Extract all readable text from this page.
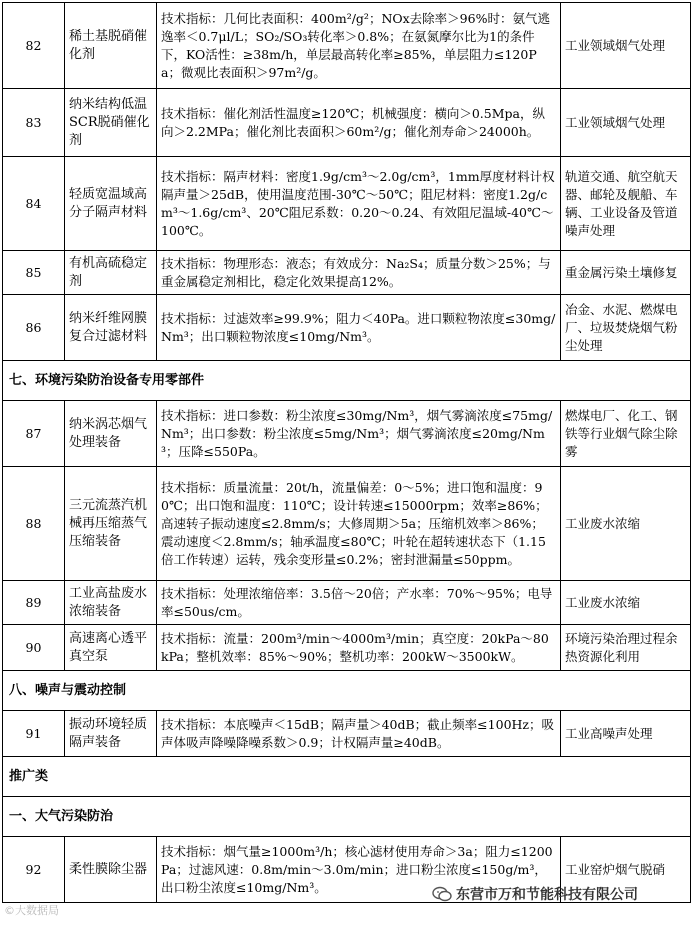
82	稀土基脱硝催化剂	技术指标：几何比表面积：400m²/g²；NOx去除率＞96%时：氨气逃逸率＜0.7μl/L；SO₂/SO₃转化率＞0.8%；在氨氮摩尔比为1的条件下，KO活性：≥38m/h，单层最高转化率≥85%，单层阻力≤120Pa；微观比表面积＞97m²/g。	工业领域烟气处理
83	纳米结构低温SCR脱硝催化剂	技术指标：催化剂活性温度≥120℃；机械强度：横向＞0.5Mpa，纵向＞2.2MPa；催化剂比表面积＞60m²/g；催化剂寿命＞24000h。	工业领域烟气处理
84	轻质宽温域高分子隔声材料	技术指标：隔声材料：密度1.9g/cm³～2.0g/cm³，1mm厚度材料计权隔声量＞25dB，使用温度范围-30℃～50℃；阻尼材料：密度1.2g/cm³～1.6g/cm³、20℃阻尼系数：0.20～0.24、有效阻尼温域-40℃～100℃。	轨道交通、航空航天器、邮轮及舰船、车辆、工业设备及管道噪声处理
85	有机高硫稳定剂	技术指标：物理形态：液态；有效成分：Na₂S₄；质量分数＞25%；与重金属稳定剂相比，稳定化效果提高12%。	重金属污染土壤修复
86	纳米纤维网膜复合过滤材料	技术指标：过滤效率≥99.9%；阻力＜40Pa。进口颗粒物浓度≤30mg/Nm³；出口颗粒物浓度≤10mg/Nm³。	冶金、水泥、燃煤电厂、垃圾焚烧烟气粉尘处理
七、环境污染防治设备专用零部件			
87	纳米涡芯烟气处理装备	技术指标：进口参数：粉尘浓度≤30mg/Nm³，烟气雾滴浓度≤75mg/Nm³；出口参数：粉尘浓度≤5mg/Nm³；烟气雾滴浓度≤20mg/Nm³；压降≤550Pa。	燃煤电厂、化工、钢铁等行业烟气除尘除雾
88	三元流蒸汽机械再压缩蒸气压缩装备	技术指标：质量流量：20t/h，流量偏差：0～5%；进口饱和温度：90℃；出口饱和温度：110℃；设计转速≤15000rpm；效率≥86%；高速转子振动速度≤2.8mm/s；大修周期＞5a；压缩机效率＞86%；震动速度＜2.8mm/s；轴承温度≤80℃；叶轮在超转速状态下（1.15倍工作转速）运转，残余变形量≤0.2%；密封泄漏量≤50ppm。	工业废水浓缩
89	工业高盐废水浓缩装备	技术指标：处理浓缩倍率：3.5倍～20倍；产水率：70%～95%；电导率≤50us/cm。	工业废水浓缩
90	高速离心透平真空泵	技术指标：流量：200m³/min～4000m³/min；真空度：20kPa～80kPa；整机效率：85%～90%；整机功率：200kW～3500kW。	环境污染治理过程余热资源化利用
八、噪声与震动控制			
91	振动环境轻质隔声装备	技术指标：本底噪声＜15dB；隔声量＞40dB；截止频率≤100Hz；吸声体吸声降噪降噪系数＞0.9；计权隔声量≥40dB。	工业高噪声处理
推广类			
一、大气污染防治			
92	柔性膜除尘器	技术指标：烟气量≥1000m³/h；核心滤材使用寿命＞3a；阻力≤1200Pa；过滤风速：0.8m/min～3.0m/min；进口粉尘浓度≤150g/m³，出口粉尘浓度≤10mg/Nm³。	工业窑炉烟气脱硝
©大数据局
东营市万和节能科技有限公司
